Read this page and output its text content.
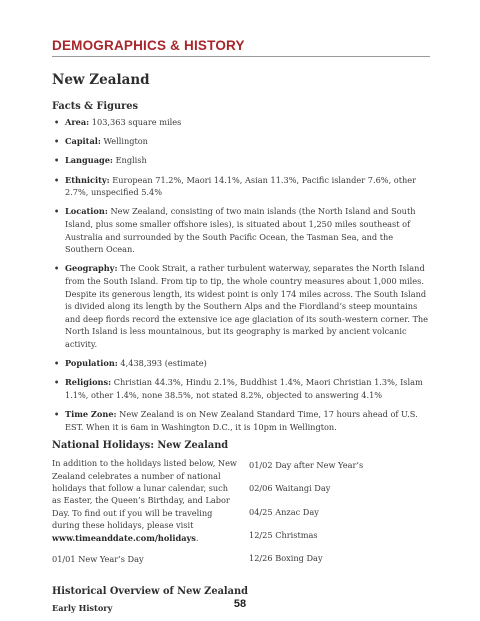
DEMOGRAPHICS & HISTORY
New Zealand
Facts & Figures
• Area: 103,363 square miles
• Capital: Wellington
• Language: English
• Ethnicity: European 71.2%, Maori 14.1%, Asian 11.3%, Pacific islander 7.6%, other 2.7%, unspecified 5.4%
• Location: New Zealand, consisting of two main islands (the North Island and South Island, plus some smaller offshore isles), is situated about 1,250 miles southeast of Australia and surrounded by the South Pacific Ocean, the Tasman Sea, and the Southern Ocean.
• Geography: The Cook Strait, a rather turbulent waterway, separates the North Island from the South Island. From tip to tip, the whole country measures about 1,000 miles. Despite its generous length, its widest point is only 174 miles across. The South Island is divided along its length by the Southern Alps and the Fiordland’s steep mountains and deep fiords record the extensive ice age glaciation of its south-western corner. The North Island is less mountainous, but its geography is marked by ancient volcanic activity.
• Population: 4,438,393 (estimate)
• Religions: Christian 44.3%, Hindu 2.1%, Buddhist 1.4%, Maori Christian 1.3%, Islam 1.1%, other 1.4%, none 38.5%, not stated 8.2%, objected to answering 4.1%
• Time Zone: New Zealand is on New Zealand Standard Time, 17 hours ahead of U.S. EST. When it is 6am in Washington D.C., it is 10pm in Wellington.
National Holidays: New Zealand

In addition to the holidays listed below, New Zealand celebrates a number of national holidays that follow a lunar calendar, such as Easter, the Queen’s Birthday, and Labor Day. To find out if you will be traveling during these holidays, please visit www.timeanddate.com/holidays.

01/01 New Year’s Day

01/02 Day after New Year’s
02/06 Waitangi Day
04/25 Anzac Day
12/25 Christmas
12/26 Boxing Day
Historical Overview of New Zealand
Early History	58
